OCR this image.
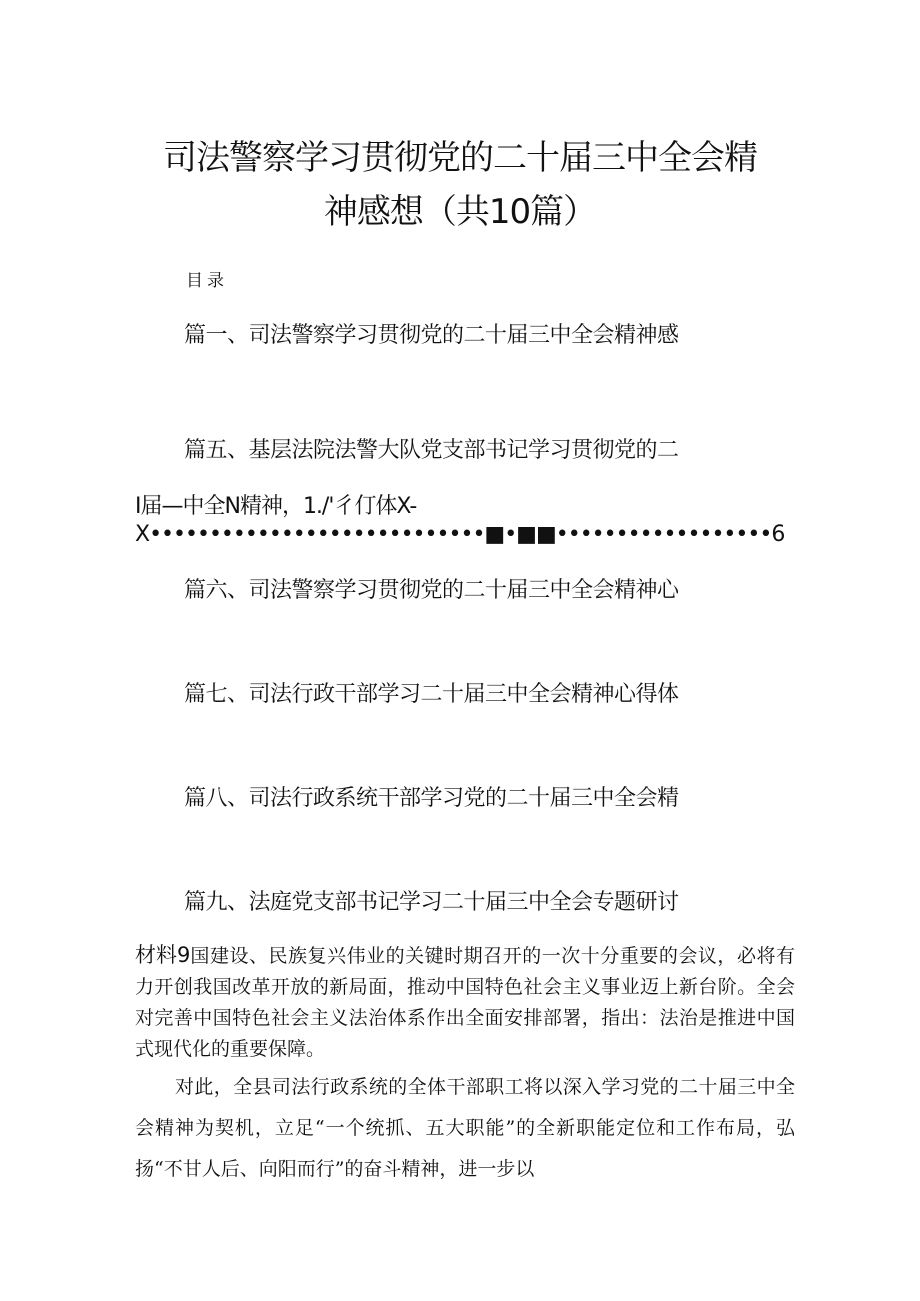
司法警察学习贯彻党的二十届三中全会精
神感想（共10篇）
目录
篇一、司法警察学习贯彻党的二十届三中全会精神感
篇五、基层法院法警大队党支部书记学习贯彻党的二
I届—中全N精神，1./'彳仃体X-
X••••••••••••••••••••••••••••■•■■••••••••••••••••••6
篇六、司法警察学习贯彻党的二十届三中全会精神心
篇七、司法行政干部学习二十届三中全会精神心得体
篇八、司法行政系统干部学习党的二十届三中全会精
篇九、法庭党支部书记学习二十届三中全会专题研讨
材料9国建设、民族复兴伟业的关键时期召开的一次十分重要的会议，必将有力开创我国改革开放的新局面，推动中国特色社会主义事业迈上新台阶。全会对完善中国特色社会主义法治体系作出全面安排部署，指出：法治是推进中国式现代化的重要保障。
对此，全县司法行政系统的全体干部职工将以深入学习党的二十届三中全会精神为契机，立足“一个统抓、五大职能”的全新职能定位和工作布局，弘扬“不甘人后、向阳而行”的奋斗精神，进一步以
